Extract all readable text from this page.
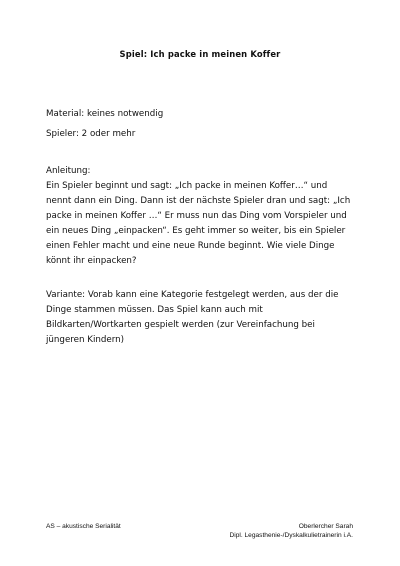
Spiel: Ich packe in meinen Koffer

Material: keines notwendig

Spieler: 2 oder mehr

Anleitung:

Ein Spieler beginnt und sagt: „Ich packe in meinen Koffer…“ und

nennt dann ein Ding. Dann ist der nächste Spieler dran und sagt: „Ich

packe in meinen Koffer …“ Er muss nun das Ding vom Vorspieler und

ein neues Ding „einpacken“. Es geht immer so weiter, bis ein Spieler

einen Fehler macht und eine neue Runde beginnt. Wie viele Dinge

könnt ihr einpacken?

Variante: Vorab kann eine Kategorie festgelegt werden, aus der die

Dinge stammen müssen. Das Spiel kann auch mit

Bildkarten/Wortkarten gespielt werden (zur Vereinfachung bei

jüngeren Kindern)

AS – akustische Serialität	Oberlercher Sarah
Dipl. Legasthenie-/Dyskalkulietrainerin i.A.
